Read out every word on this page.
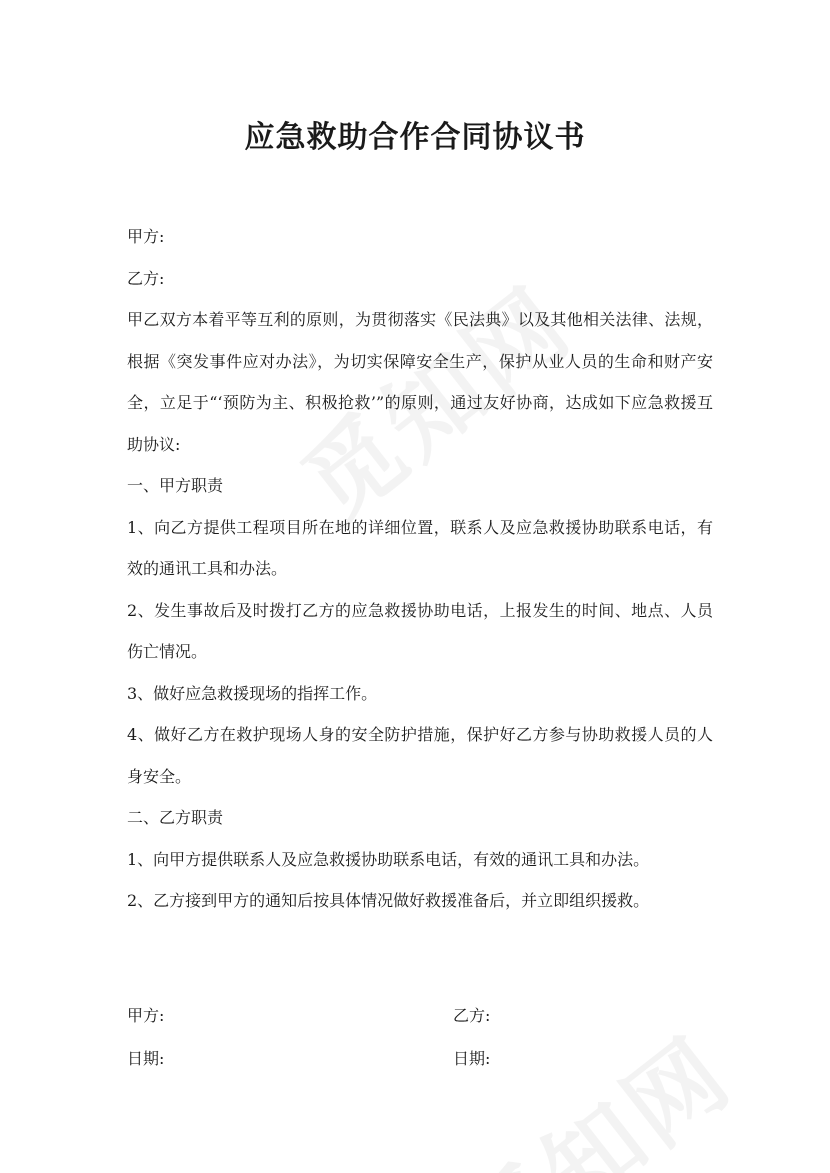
应急救助合作合同协议书

甲方:

乙方:

甲乙双方本着平等互利的原则，为贯彻落实《民法典》以及其他相关法律、法规，根据《突发事件应对办法》，为切实保障安全生产，保护从业人员的生命和财产安全，立足于“‘预防为主、积极抢救’”的原则，通过友好协商，达成如下应急救援互助协议:

一、甲方职责

1、向乙方提供工程项目所在地的详细位置，联系人及应急救援协助联系电话，有效的通讯工具和办法。

2、发生事故后及时拨打乙方的应急救援协助电话，上报发生的时间、地点、人员伤亡情况。

3、做好应急救援现场的指挥工作。

4、做好乙方在救护现场人身的安全防护措施，保护好乙方参与协助救援人员的人身安全。

二、乙方职责

1、向甲方提供联系人及应急救援协助联系电话，有效的通讯工具和办法。

2、乙方接到甲方的通知后按具体情况做好救援准备后，并立即组织援救。

甲方:	乙方:
日期:	日期:
